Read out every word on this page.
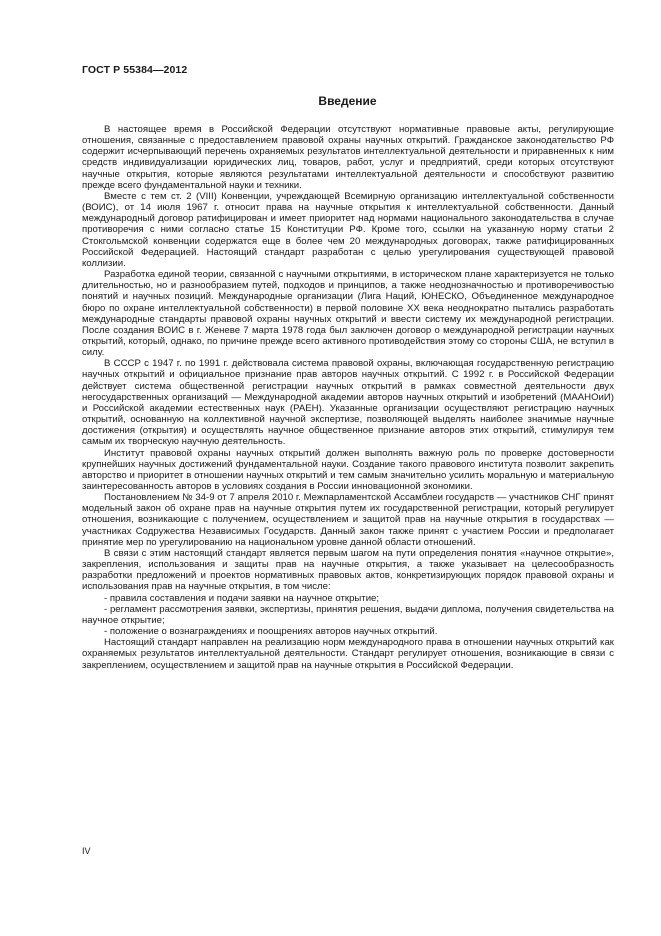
ГОСТ Р 55384—2012
Введение

В настоящее время в Российской Федерации отсутствуют нормативные правовые акты, регулирующие отношения, связанные с предоставлением правовой охраны научных открытий. Гражданское законодательство РФ содержит исчерпывающий перечень охраняемых результатов интеллектуальной деятельности и приравненных к ним средств индивидуализации юридических лиц, товаров, работ, услуг и предприятий, среди которых отсутствуют научные открытия, которые являются результатами интеллектуальной деятельности и способствуют развитию прежде всего фундаментальной науки и техники.

Вместе с тем ст. 2 (VIII) Конвенции, учреждающей Всемирную организацию интеллектуальной собственности (ВОИС), от 14 июля 1967 г. относит права на научные открытия к интеллектуальной собственности. Данный международный договор ратифицирован и имеет приоритет над нормами национального законодательства в случае противоречия с ними согласно статье 15 Конституции РФ. Кроме того, ссылки на указанную норму статьи 2 Стокгольмской конвенции содержатся еще в более чем 20 международных договорах, также ратифицированных Российской Федерацией. Настоящий стандарт разработан с целью урегулирования существующей правовой коллизии.

Разработка единой теории, связанной с научными открытиями, в историческом плане характеризуется не только длительностью, но и разнообразием путей, подходов и принципов, а также неоднозначностью и противоречивостью понятий и научных позиций. Международные организации (Лига Наций, ЮНЕСКО, Объединенное международное бюро по охране интеллектуальной собственности) в первой половине XX века неоднократно пытались разработать международные стандарты правовой охраны научных открытий и ввести систему их международной регистрации. После создания ВОИС в г. Женеве 7 марта 1978 года был заключен договор о международной регистрации научных открытий, который, однако, по причине прежде всего активного противодействия этому со стороны США, не вступил в силу.

В СССР с 1947 г. по 1991 г. действовала система правовой охраны, включающая государственную регистрацию научных открытий и официальное признание прав авторов научных открытий. С 1992 г. в Российской Федерации действует система общественной регистрации научных открытий в рамках совместной деятельности двух негосударственных организаций — Международной академии авторов научных открытий и изобретений (МААНОиИ) и Российской академии естественных наук (РАЕН). Указанные организации осуществляют регистрацию научных открытий, основанную на коллективной научной экспертизе, позволяющей выделять наиболее значимые научные достижения (открытия) и осуществлять научное общественное признание авторов этих открытий, стимулируя тем самым их творческую научную деятельность.

Институт правовой охраны научных открытий должен выполнять важную роль по проверке достоверности крупнейших научных достижений фундаментальной науки. Создание такого правового института позволит закрепить авторство и приоритет в отношении научных открытий и тем самым значительно усилить моральную и материальную заинтересованность авторов в условиях создания в России инновационной экономики.

Постановлением № 34-9 от 7 апреля 2010 г. Межпарламентской Ассамблеи государств — участников СНГ принят модельный закон об охране прав на научные открытия путем их государственной регистрации, который регулирует отношения, возникающие с получением, осуществлением и защитой прав на научные открытия в государствах — участниках Содружества Независимых Государств. Данный закон также принят с участием России и предполагает принятие мер по урегулированию на национальном уровне данной области отношений.

В связи с этим настоящий стандарт является первым шагом на пути определения понятия «научное открытие», закрепления, использования и защиты прав на научные открытия, а также указывает на целесообразность разработки предложений и проектов нормативных правовых актов, конкретизирующих порядок правовой охраны и использования прав на научные открытия, в том числе:

- правила составления и подачи заявки на научное открытие;

- регламент рассмотрения заявки, экспертизы, принятия решения, выдачи диплома, получения свидетельства на научное открытие;

- положение о вознаграждениях и поощрениях авторов научных открытий.

Настоящий стандарт направлен на реализацию норм международного права в отношении научных открытий как охраняемых результатов интеллектуальной деятельности. Стандарт регулирует отношения, возникающие в связи с закреплением, осуществлением и защитой прав на научные открытия в Российской Федерации.

IV
